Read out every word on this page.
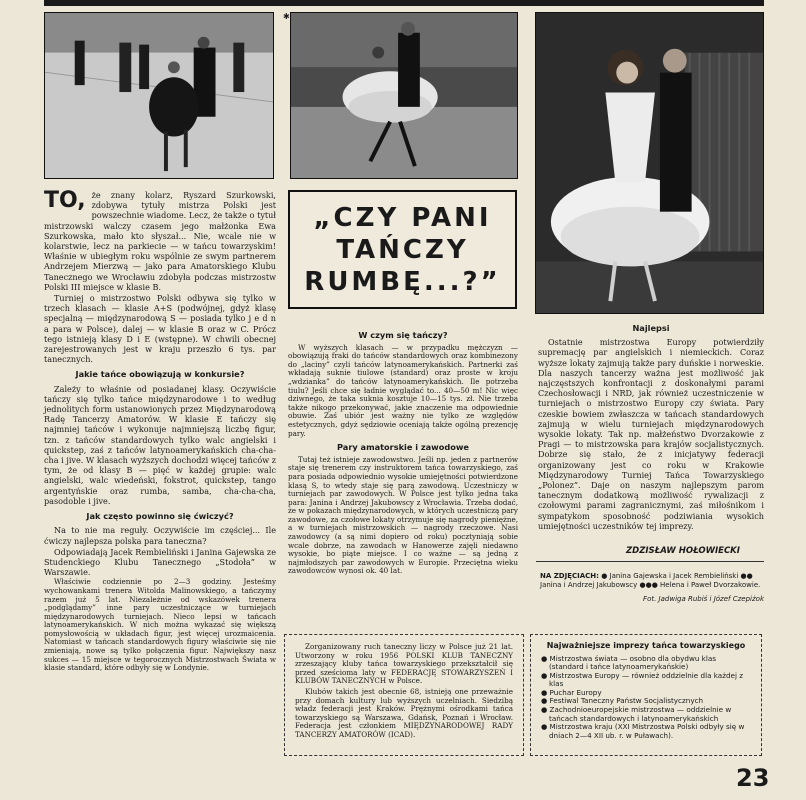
✱

TO, że znany kolarz, Ryszard Szurkowski, zdobywa tytuły mistrza Polski jest powszechnie wiadome. Lecz, że także o tytuł mistrzowski walczy czasem jego małżonka Ewa Szurkowska, mało kto słyszał... Nie, wcale nie w kolarstwie, lecz na parkiecie — w tańcu towarzyskim! Właśnie w ubiegłym roku wspólnie ze swym partnerem Andrzejem Mierzwą — jako para Amatorskiego Klubu Tanecznego we Wrocławiu zdobyła podczas mistrzostw Polski III miejsce w klasie B.

Turniej o mistrzostwo Polski odbywa się tylko w trzech klasach — klasie A+S (podwójnej, gdyż klasę specjalną — międzynarodową S — posiada tylko j e d n a para w Polsce), dalej — w klasie B oraz w C. Prócz tego istnieją klasy D i E (wstępne). W chwili obecnej zarejestrowanych jest w kraju przeszło 6 tys. par tanecznych.

Jakie tańce obowiązują w konkursie?

Zależy to właśnie od posiadanej klasy. Oczywiście tańczy się tylko tańce międzynarodowe i to według jednolitych form ustanowionych przez Międzynarodową Radę Tancerzy Amatorów. W klasie E tańczy się najmniej tańców i wykonuje najmniejszą liczbę figur, tzn. z tańców standardowych tylko walc angielski i quickstep, zaś z tańców latynoamerykańskich cha-cha-cha i jive. W klasach wyższych dochodzi więcej tańców z tym, że od klasy B — pięć w każdej grupie: walc angielski, walc wiedeński, fokstrot, quickstep, tango argentyńskie oraz rumba, samba, cha-cha-cha, pasodoble i jive.

Jak często powinno się ćwiczyć?

Na to nie ma reguły. Oczywiście im częściej... Ile ćwiczy najlepsza polska para taneczna?

Odpowiadają Jacek Rembieliński i Janina Gajewska ze Studenckiego Klubu Tanecznego „Stodoła” w Warszawie.

Właściwie codziennie po 2—3 godziny. Jesteśmy wychowankami trenera Witolda Malinowskiego, a tańczymy razem już 5 lat. Niezależnie od wskazówek trenera „podglądamy” inne pary uczestniczące w turniejach międzynarodowych turniejach. Nieco lepsi w tańcach latynoamerykańskich. W nich można wykazać się większą pomysłowością w układach figur, jest więcej urozmaicenia. Natomiast w tańcach standardowych figury właściwie się nie zmieniają, nowe są tylko połączenia figur. Największy nasz sukces — 15 miejsce w tegorocznych Mistrzostwach Świata w klasie standard, które odbyły się w Londynie.

„CZY PANI
TAŃCZY
RUMBĘ...?”
W czym się tańczy?

W wyższych klasach — w przypadku mężczyzn — obowiązują fraki do tańców standardowych oraz kombinezony do „laciny” czyli tańców latynoamerykańskich. Partnerki zaś wkładają suknie tiulowe (standard) oraz proste w kroju „wdzianka” do tańców latynoamerykańskich. Ile potrzeba tiulu? Jeśli chce się ładnie wyglądać to... 40—50 m! Nic więc dziwnego, że taka suknia kosztuje 10—15 tys. zł. Nie trzeba także nikogo przekonywać, jakie znaczenie ma odpowiednie obuwie. Zaś ubiór jest ważny nie tylko ze względów estetycznych, gdyż sędziowie oceniają także ogólną prezencję pary.

Pary amatorskie i zawodowe

Tutaj też istnieje zawodowstwo. Jeśli np. jeden z partnerów staje się trenerem czy instruktorem tańca towarzyskiego, zaś para posiada odpowiednio wysokie umiejętności potwierdzone klasą S, to wtedy staje się parą zawodową. Uczestniczy w turniejach par zawodowych. W Polsce jest tylko jedna taka para: Janina i Andrzej Jakubowscy z Wrocławia. Trzeba dodać, że w pokazach międzynarodowych, w których uczestniczą pary zawodowe, za czołowe lokaty otrzymuje się nagrody pieniężne, a w turniejach mistrzowskich — nagrody rzeczowe. Nasi zawodowcy (a są nimi dopiero od roku) pocztyniają sobie wcale dobrze, na zawodach w Hanowerze zajęli niedawno wysokie, bo piąte miejsce. I co ważne — są jedną z najmłodszych par zawodowych w Europie. Przeciętna wieku zawodowców wynosi ok. 40 lat.

Najlepsi

Ostatnie mistrzostwa Europy potwierdziły supremację par angielskich i niemieckich. Coraz wyższe lokaty zajmują także pary duńskie i norweskie. Dla naszych tancerzy ważna jest możliwość jak najczęstszych konfrontacji z doskonałymi parami Czechosłowacji i NRD, jak również uczestniczenie w turniejach o mistrzostwo Europy czy świata. Pary czeskie bowiem zwłaszcza w tańcach standardowych zajmują w wielu turniejach międzynarodowych wysokie lokaty. Tak np. małżeństwo Dvorzakowie z Pragi — to mistrzowska para krajów socjalistycznych. Dobrze się stało, że z inicjatywy federacji organizowany jest co roku w Krakowie Międzynarodowy Turniej Tańca Towarzyskiego „Polonez”. Daje on naszym najlepszym parom tanecznym dodatkową możliwość rywalizacji z czołowymi parami zagranicznymi, zaś miłośnikom i sympatykom sposobność podziwiania wysokich umiejętności uczestników tej imprezy.

ZDZISŁAW HOŁOWIECKI
NA ZDJĘCIACH: ● Janina Gajewska i Jacek Rembieliński ●● Janina i Andrzej Jakubowscy ●●● Helena i Paweł Dvorzakowie.
Fot. Jadwiga Rubiś i Józef Czepiżok

Zorganizowany ruch taneczny liczy w Polsce już 21 lat. Utworzony w roku 1956 POLSKI KLUB TANECZNY zrzeszający kluby tańca towarzyskiego przekształcił się przed sześcioma laty w FEDERACJĘ STOWARZYSZEŃ I KLUBÓW TANECZNYCH w Polsce.

Klubów takich jest obecnie 68, istnieją one przeważnie przy domach kultury lub wyższych uczelniach. Siedzibą władz federacji jest Kraków. Prężnymi ośrodkami tańca towarzyskiego są Warszawa, Gdańsk, Poznań i Wrocław. Federacja jest członkiem MIĘDZYNARODOWEJ RADY TANCERZY AMATORÓW (ICAD).

Najważniejsze imprezy tańca towarzyskiego
● Mistrzostwa świata — osobno dla obydwu klas (standard i tańce latynoamerykańskie)
● Mistrzostwa Europy — również oddzielnie dla każdej z klas
● Puchar Europy
● Festiwal Taneczny Państw Socjalistycznych
● Zachodnioeuropejskie mistrzostwa — oddzielnie w tańcach standardowych i latynoamerykańskich
● Mistrzostwa kraju (XXI Mistrzostwa Polski odbyły się w dniach 2—4 XII ub. r. w Puławach).
23
